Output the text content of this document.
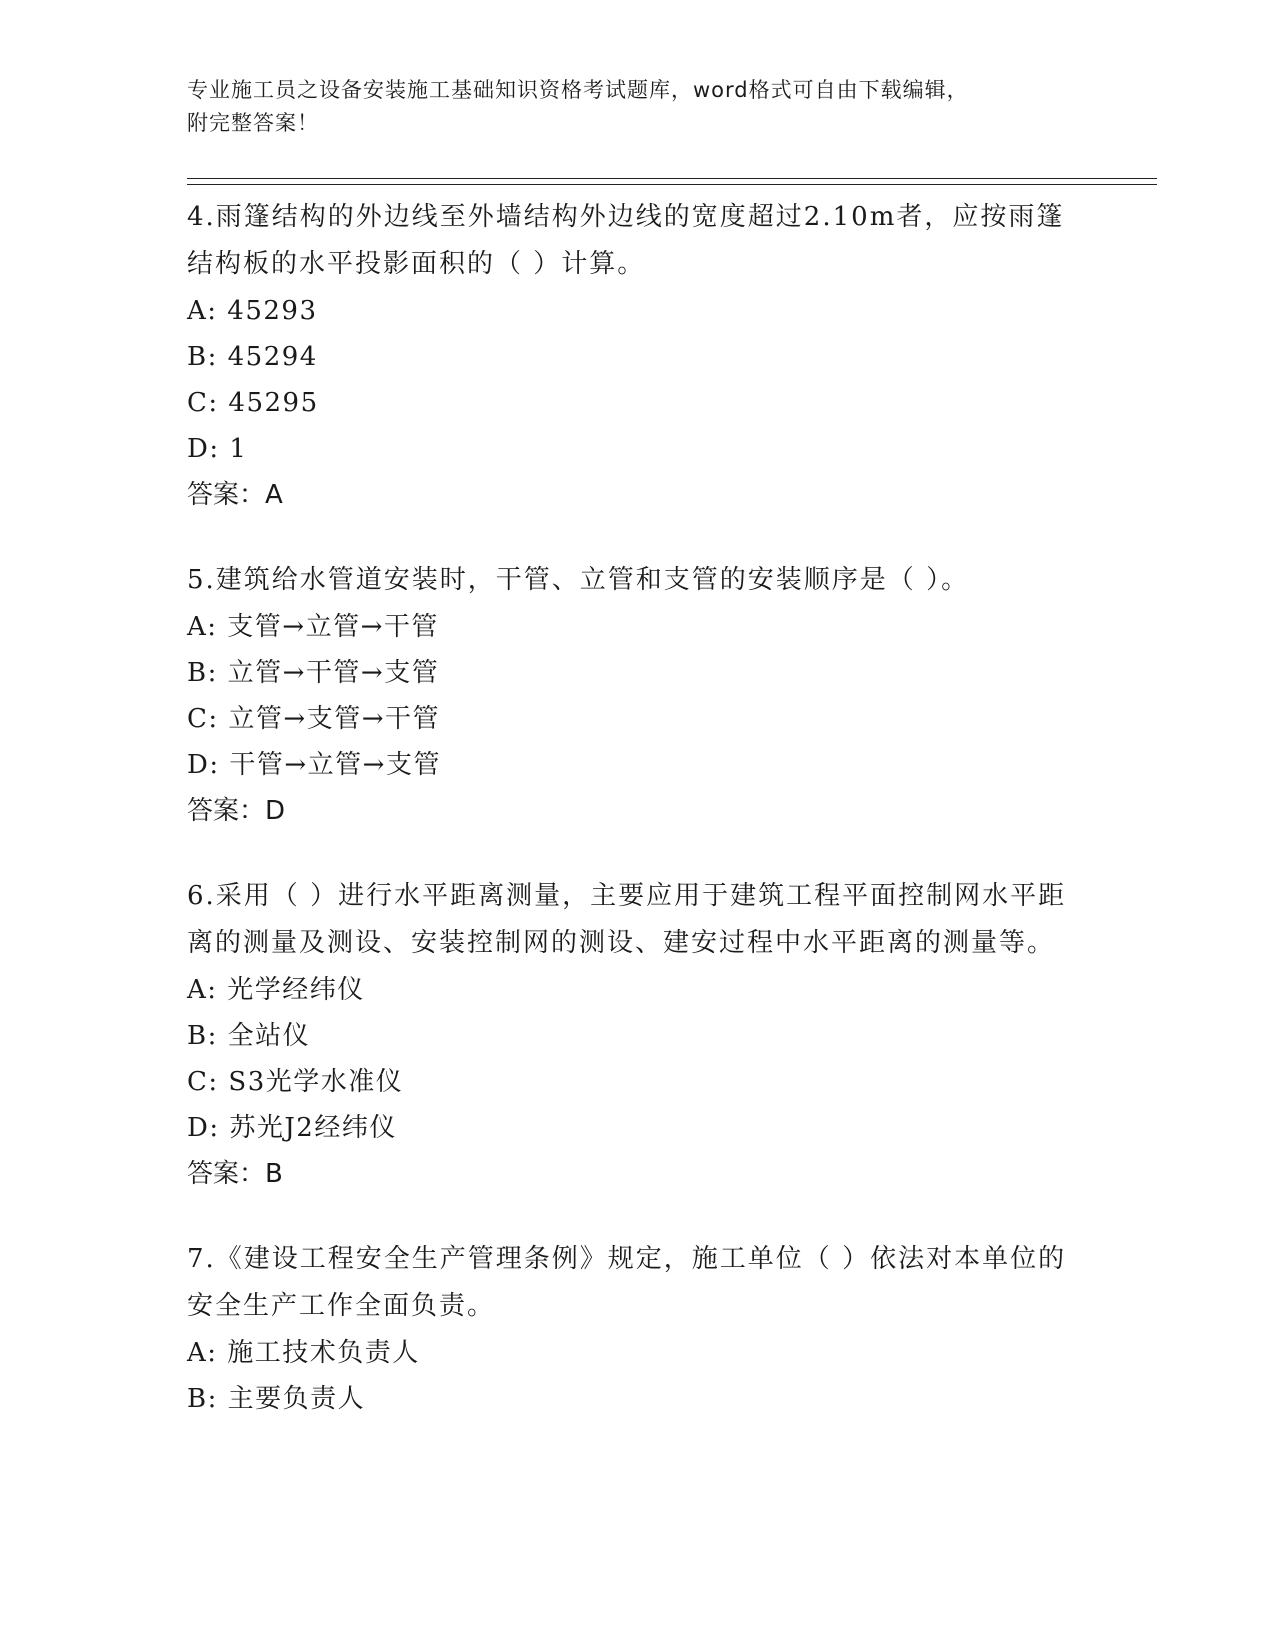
专业施工员之设备安装施工基础知识资格考试题库，word格式可自由下载编辑，
附完整答案！

4.雨篷结构的外边线至外墙结构外边线的宽度超过2.10m者，应按雨篷结构板的水平投影面积的（ ）计算。

A: 45293

B: 45294

C: 45295

D: 1

答案：A

5.建筑给水管道安装时，干管、立管和支管的安装顺序是（ ）。

A: 支管→立管→干管

B: 立管→干管→支管

C: 立管→支管→干管

D: 干管→立管→支管

答案：D

6.采用（ ）进行水平距离测量，主要应用于建筑工程平面控制网水平距离的测量及测设、安装控制网的测设、建安过程中水平距离的测量等。

A: 光学经纬仪

B: 全站仪

C: S3光学水准仪

D: 苏光J2经纬仪

答案：B

7.《建设工程安全生产管理条例》规定，施工单位（ ）依法对本单位的安全生产工作全面负责。

A: 施工技术负责人

B: 主要负责人
